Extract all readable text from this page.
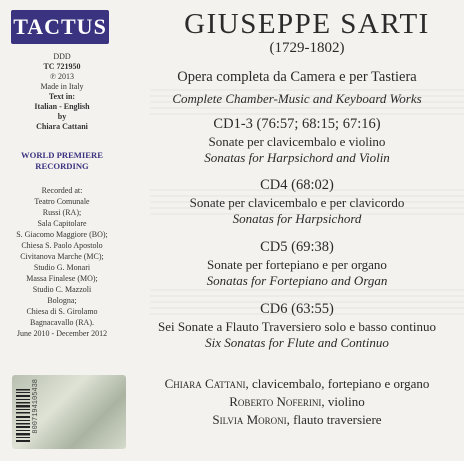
TACTUS
DDD
TC 721950
℗ 2013
Made in Italy
Text in:
Italian - English
by
Chiara Cattani
WORLD PREMIERE
RECORDING
Recorded at:
Teatro Comunale
Russi (RA);
Sala Capitolare
S. Giacomo Maggiore (BO);
Chiesa S. Paolo Apostolo
Civitanova Marche (MC);
Studio G. Monari
Massa Finalese (MO);
Studio C. Mazzoli
Bologna;
Chiesa di S. Girolamo
Bagnacavallo (RA).
June 2010 - December 2012
8007194105438
GIUSEPPE SARTI
(1729-1802)
Opera completa da Camera e per Tastiera
Complete Chamber-Music and Keyboard Works
CD1-3 (76:57; 68:15; 67:16)
Sonate per clavicembalo e violino
Sonatas for Harpsichord and Violin
CD4 (68:02)
Sonate per clavicembalo e per clavicordo
Sonatas for Harpsichord
CD5 (69:38)
Sonate per fortepiano e per organo
Sonatas for Fortepiano and Organ
CD6 (63:55)
Sei Sonate a Flauto Traversiero solo e basso continuo
Six Sonatas for Flute and Continuo
Chiara Cattani, clavicembalo, fortepiano e organo
Roberto Noferini, violino
Silvia Moroni, flauto traversiere
